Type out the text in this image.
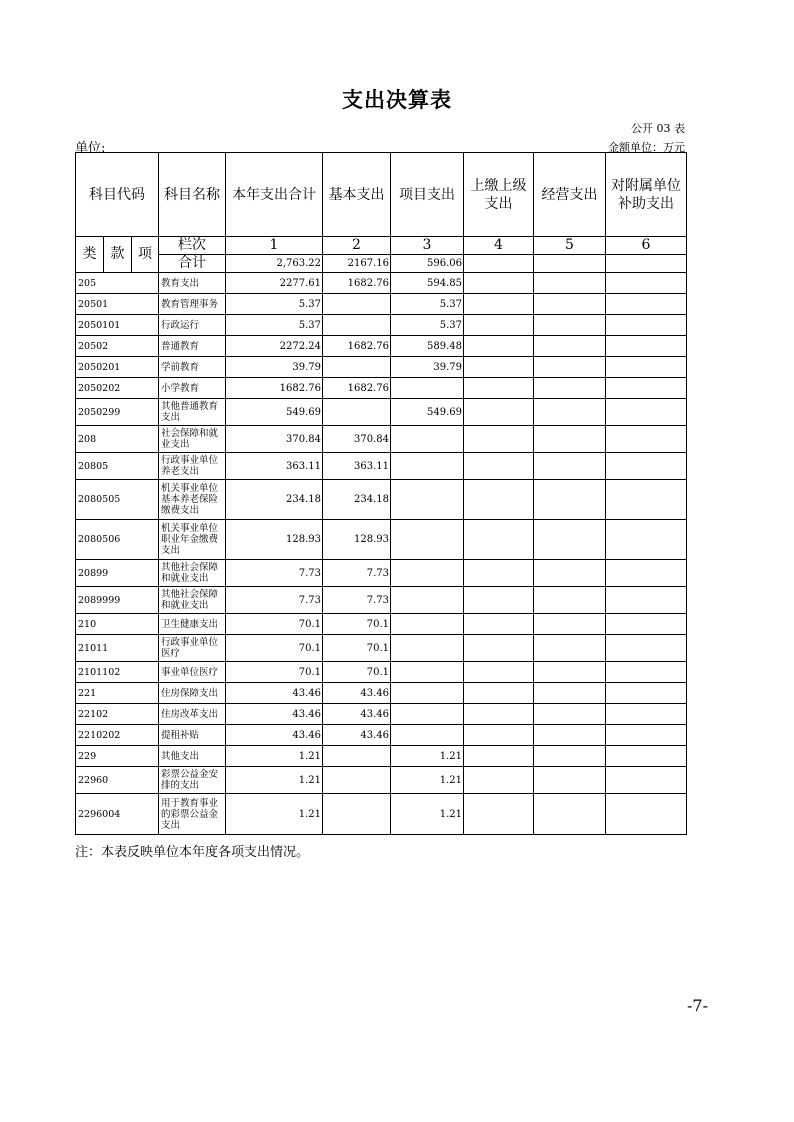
支出决算表
公开 03 表
单位:	金额单位：万元
科目代码			科目名称	本年支出合计	基本支出	项目支出	上缴上级支出	经营支出	对附属单位补助支出
类	款	项	栏次	1	2	3	4	5	6
			合计	2,763.22	2167.16	596.06			
205			教育支出	2277.61	1682.76	594.85			
20501			教育管理事务	5.37		5.37			
2050101			行政运行	5.37		5.37			
20502			普通教育	2272.24	1682.76	589.48			
2050201			学前教育	39.79		39.79			
2050202			小学教育	1682.76	1682.76				
2050299			其他普通教育支出	549.69		549.69			
208			社会保障和就业支出	370.84	370.84				
20805			行政事业单位养老支出	363.11	363.11				
2080505			机关事业单位基本养老保险缴费支出	234.18	234.18				
2080506			机关事业单位职业年金缴费支出	128.93	128.93				
20899			其他社会保障和就业支出	7.73	7.73				
2089999			其他社会保障和就业支出	7.73	7.73				
210			卫生健康支出	70.1	70.1				
21011			行政事业单位医疗	70.1	70.1				
2101102			事业单位医疗	70.1	70.1				
221			住房保障支出	43.46	43.46				
22102			住房改革支出	43.46	43.46				
2210202			提租补贴	43.46	43.46				
229			其他支出	1.21		1.21			
22960			彩票公益金安排的支出	1.21		1.21			
2296004			用于教育事业的彩票公益金支出	1.21		1.21			
注：本表反映单位本年度各项支出情况。
-7-
